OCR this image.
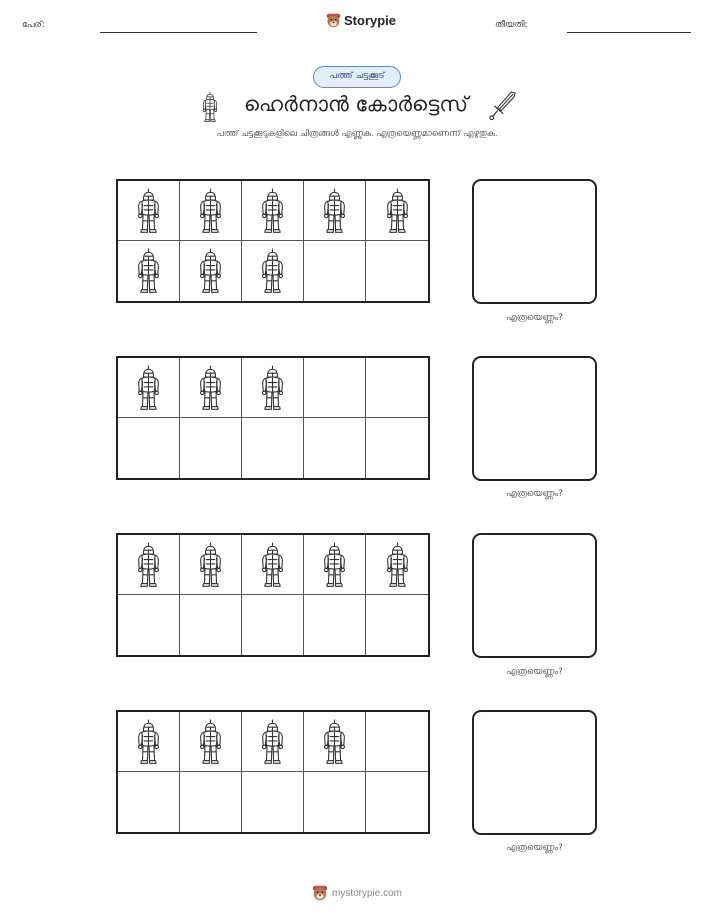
പേര്:	Storypie	തീയതി:
പത്ത് ചട്ടക്കൂട്
ഹെർനാൻ കോർട്ടെസ്
പത്ത് ചട്ടക്കൂടുകളിലെ ചിത്രങ്ങൾ എണ്ണുക. എത്രയെണ്ണമാണെന്ന് എഴുതുക.
എത്രയെണ്ണം?
എത്രയെണ്ണം?
എത്രയെണ്ണം?
എത്രയെണ്ണം?
mystorypie.com
